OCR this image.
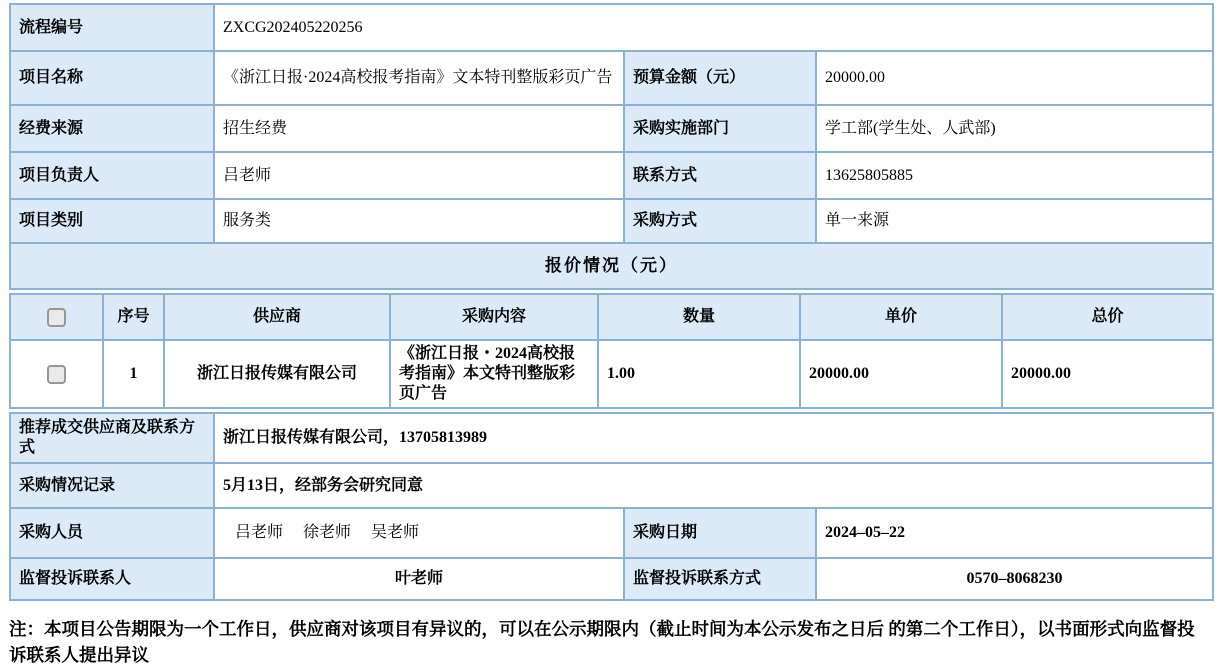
流程编号	ZXCG202405220256		
项目名称	《浙江日报·2024高校报考指南》文本特刊整版彩页广告	预算金额（元）	20000.00
经费来源	招生经费	采购实施部门	学工部(学生处、人武部)
项目负责人	吕老师	联系方式	13625805885
项目类别	服务类	采购方式	单一来源
报价情况（元）			
	序号	供应商	采购内容	数量	单价	总价
	1	浙江日报传媒有限公司	《浙江日报・2024高校报考指南》本文特刊整版彩页广告	1.00	20000.00	20000.00
推荐成交供应商及联系方式	浙江日报传媒有限公司，13705813989		
采购情况记录	5月13日，经部务会研究同意		
采购人员	吕老师　 徐老师　 吴老师	采购日期	2024–05–22
监督投诉联系人	叶老师	监督投诉联系方式	0570–8068230

注：本项目公告期限为一个工作日，供应商对该项目有异议的，可以在公示期限内（截止时间为本公示发布之日后 的第二个工作日），以书面形式向监督投诉联系人提出异议
